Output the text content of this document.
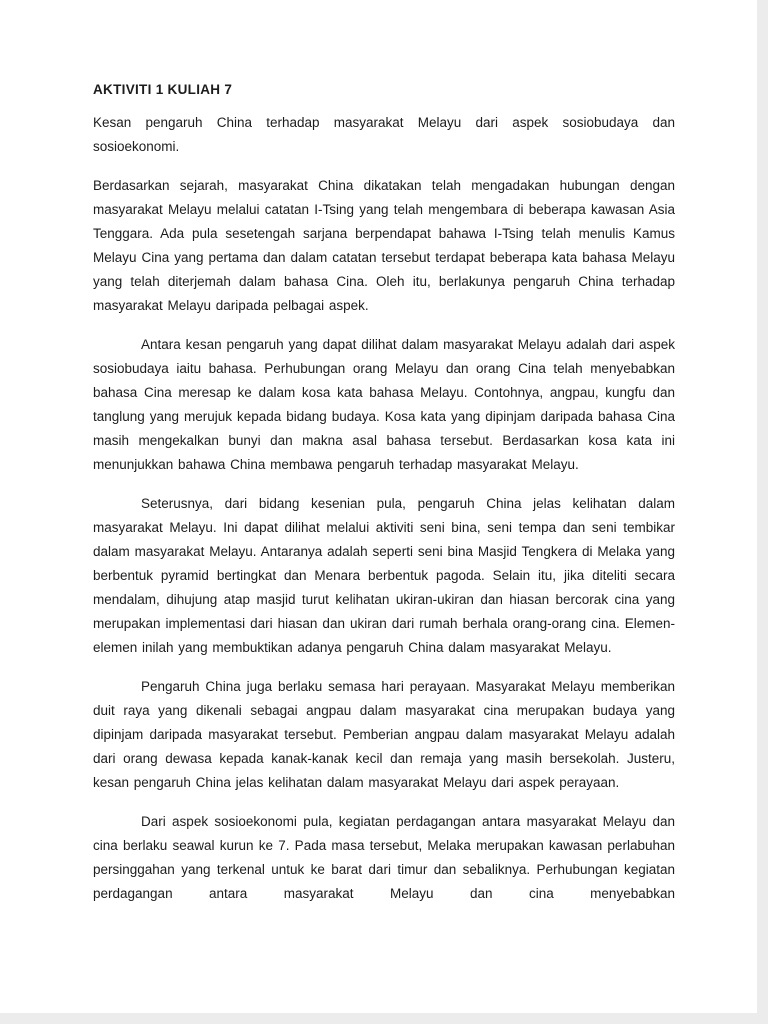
AKTIVITI 1 KULIAH 7

Kesan pengaruh China terhadap masyarakat Melayu dari aspek sosiobudaya dan sosioekonomi.

Berdasarkan sejarah, masyarakat China dikatakan telah mengadakan hubungan dengan masyarakat Melayu melalui catatan I-Tsing yang telah mengembara di beberapa kawasan Asia Tenggara. Ada pula sesetengah sarjana berpendapat bahawa I-Tsing telah menulis Kamus Melayu Cina yang pertama dan dalam catatan tersebut terdapat beberapa kata bahasa Melayu yang telah diterjemah dalam bahasa Cina. Oleh itu, berlakunya pengaruh China terhadap masyarakat Melayu daripada pelbagai aspek.

Antara kesan pengaruh yang dapat dilihat dalam masyarakat Melayu adalah dari aspek sosiobudaya iaitu bahasa. Perhubungan orang Melayu dan orang Cina telah menyebabkan bahasa Cina meresap ke dalam kosa kata bahasa Melayu. Contohnya, angpau, kungfu dan tanglung yang merujuk kepada bidang budaya. Kosa kata yang dipinjam daripada bahasa Cina masih mengekalkan bunyi dan makna asal bahasa tersebut. Berdasarkan kosa kata ini menunjukkan bahawa China membawa pengaruh terhadap masyarakat Melayu.

Seterusnya, dari bidang kesenian pula, pengaruh China jelas kelihatan dalam masyarakat Melayu. Ini dapat dilihat melalui aktiviti seni bina, seni tempa dan seni tembikar dalam masyarakat Melayu. Antaranya adalah seperti seni bina Masjid Tengkera di Melaka yang berbentuk pyramid bertingkat dan Menara berbentuk pagoda. Selain itu, jika diteliti secara mendalam, dihujung atap masjid turut kelihatan ukiran-ukiran dan hiasan bercorak cina yang merupakan implementasi dari hiasan dan ukiran dari rumah berhala orang-orang cina. Elemen-elemen inilah yang membuktikan adanya pengaruh China dalam masyarakat Melayu.

Pengaruh China juga berlaku semasa hari perayaan. Masyarakat Melayu memberikan duit raya yang dikenali sebagai angpau dalam masyarakat cina merupakan budaya yang dipinjam daripada masyarakat tersebut. Pemberian angpau dalam masyarakat Melayu adalah dari orang dewasa kepada kanak-kanak kecil dan remaja yang masih bersekolah. Justeru, kesan pengaruh China jelas kelihatan dalam masyarakat Melayu dari aspek perayaan.

Dari aspek sosioekonomi pula, kegiatan perdagangan antara masyarakat Melayu dan cina berlaku seawal kurun ke 7. Pada masa tersebut, Melaka merupakan kawasan perlabuhan persinggahan yang terkenal untuk ke barat dari timur dan sebaliknya. Perhubungan kegiatan perdagangan antara masyarakat Melayu dan cina menyebabkan
